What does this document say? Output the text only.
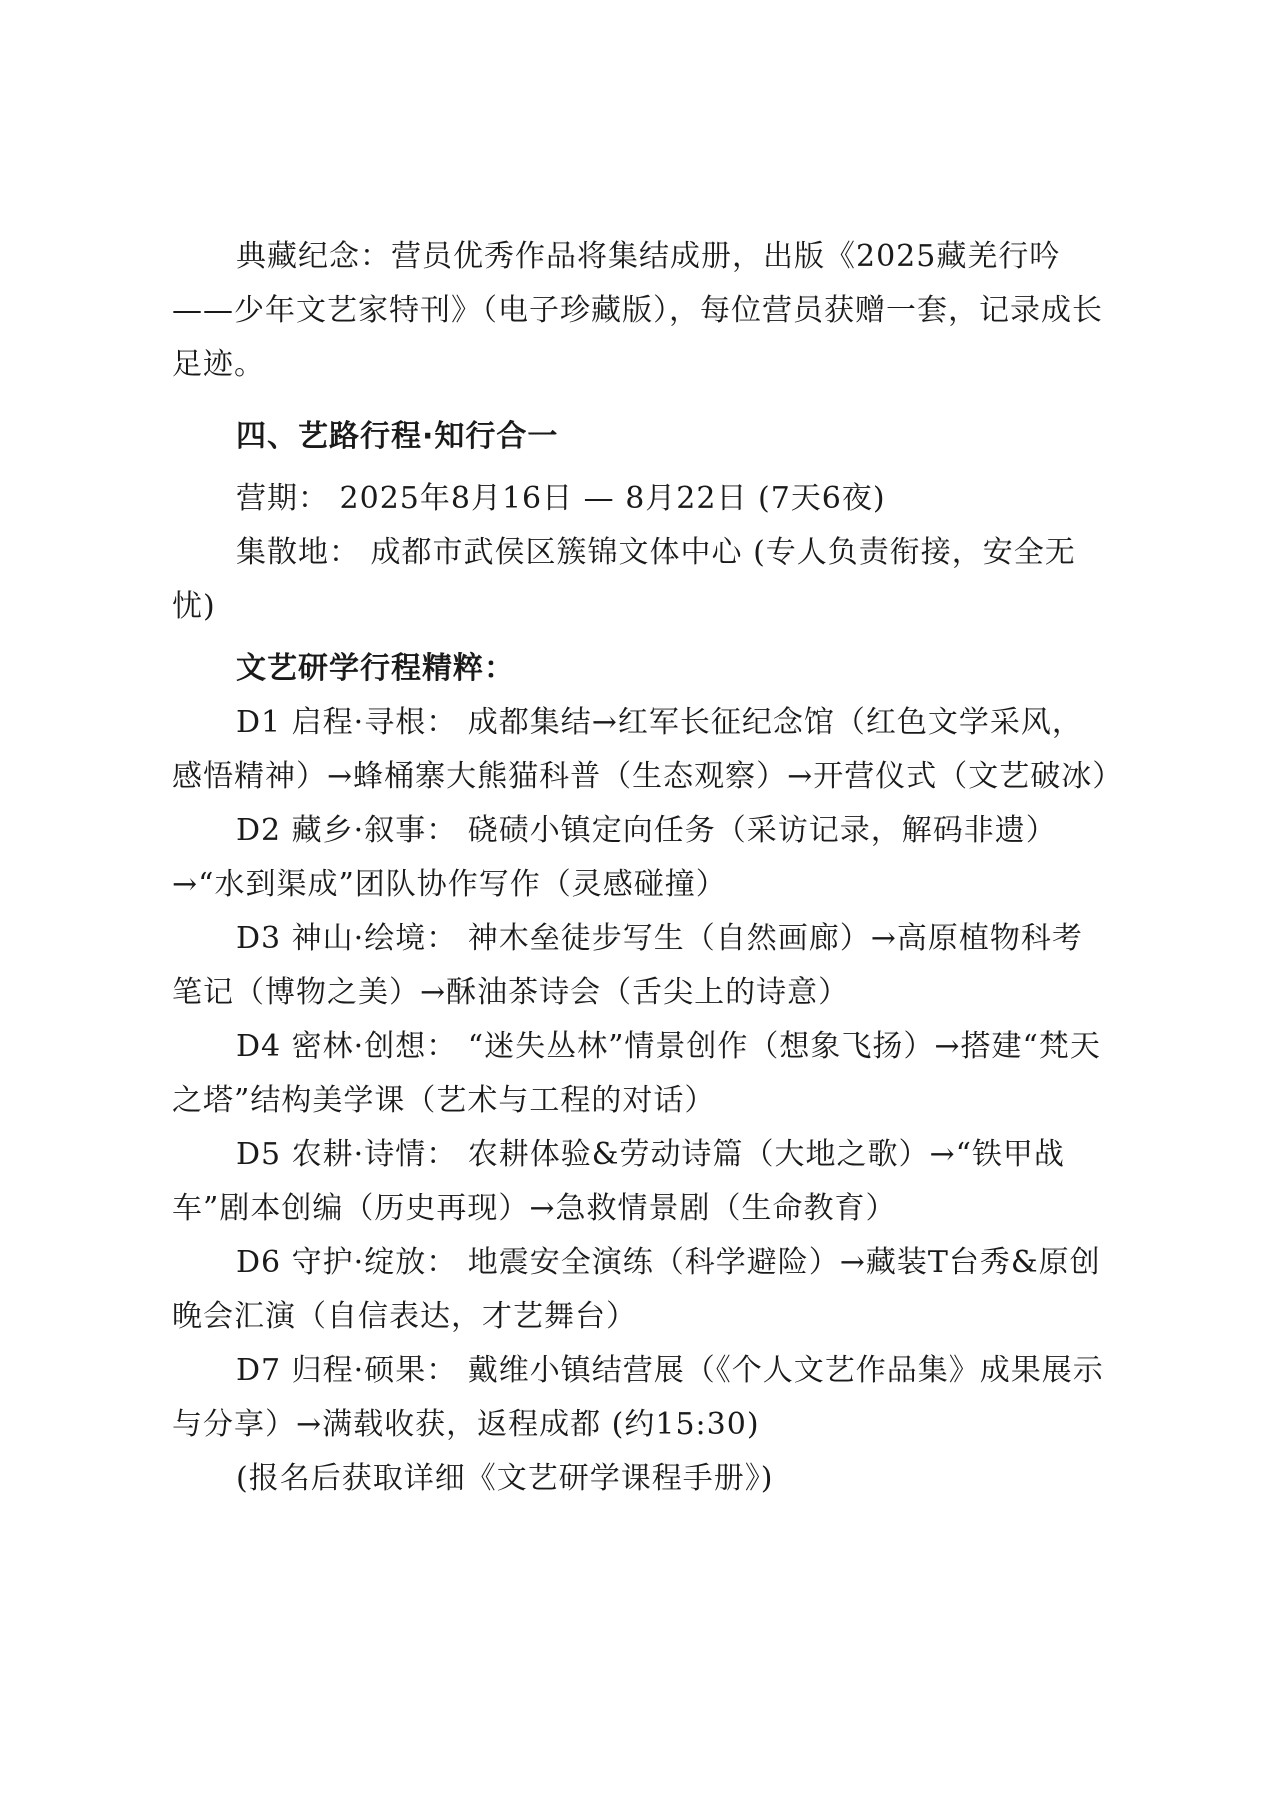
典藏纪念：营员优秀作品将集结成册，出版《2025藏羌行吟——少年文艺家特刊》（电子珍藏版），每位营员获赠一套，记录成长足迹。

四、艺路行程·知行合一

营期： 2025年8月16日 — 8月22日 (7天6夜)

集散地： 成都市武侯区簇锦文体中心 (专人负责衔接，安全无忧)

文艺研学行程精粹：

D1 启程·寻根： 成都集结→红军长征纪念馆（红色文学采风，感悟精神）→蜂桶寨大熊猫科普（生态观察）→开营仪式（文艺破冰）

D2 藏乡·叙事： 硗碛小镇定向任务（采访记录，解码非遗）→“水到渠成”团队协作写作（灵感碰撞）

D3 神山·绘境： 神木垒徒步写生（自然画廊）→高原植物科考笔记（博物之美）→酥油茶诗会（舌尖上的诗意）

D4 密林·创想： “迷失丛林”情景创作（想象飞扬）→搭建“梵天之塔”结构美学课（艺术与工程的对话）

D5 农耕·诗情： 农耕体验&劳动诗篇（大地之歌）→“铁甲战车”剧本创编（历史再现）→急救情景剧（生命教育）

D6 守护·绽放： 地震安全演练（科学避险）→藏装T台秀&原创晚会汇演（自信表达，才艺舞台）

D7 归程·硕果： 戴维小镇结营展（《个人文艺作品集》成果展示与分享）→满载收获，返程成都 (约15:30)

(报名后获取详细《文艺研学课程手册》)
